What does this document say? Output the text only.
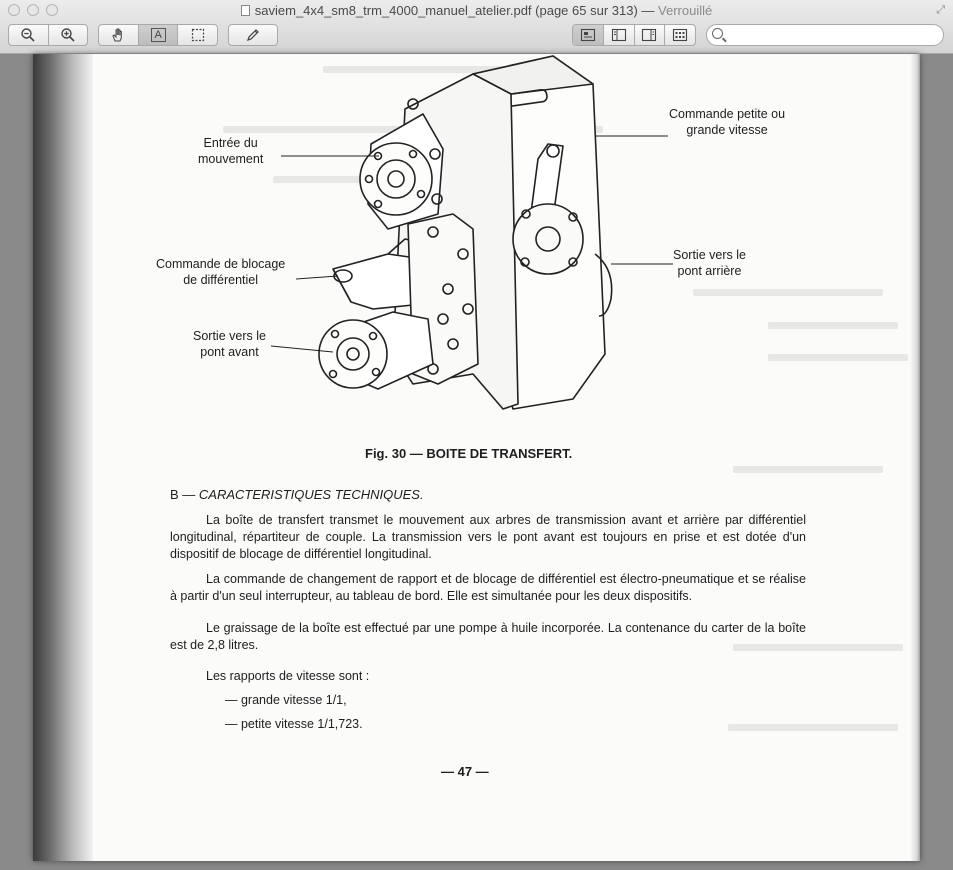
saviem_4x4_sm8_trm_4000_manuel_atelier.pdf (page 65 sur 313) — Verrouillé	⤢
A
Entrée du
mouvement
Commande petite ou
grande vitesse
Commande de blocage
de différentiel
Sortie vers le
pont arrière
Sortie vers le
pont avant
Fig. 30 — BOITE DE TRANSFERT.
B — CARACTERISTIQUES TECHNIQUES.

La boîte de transfert transmet le mouvement aux arbres de transmission avant et arrière par différentiel longitudinal, répartiteur de couple. La transmission vers le pont avant est toujours en prise et est dotée d'un dispositif de blocage de différentiel longitudinal.

La commande de changement de rapport et de blocage de différentiel est électro-pneumatique et se réalise à partir d'un seul interrupteur, au tableau de bord. Elle est simultanée pour les deux dispositifs.

Le graissage de la boîte est effectué par une pompe à huile incorporée. La contenance du carter de la boîte est de 2,8 litres.

Les rapports de vitesse sont :
— grande vitesse 1/1,
— petite vitesse 1/1,723.
— 47 —
